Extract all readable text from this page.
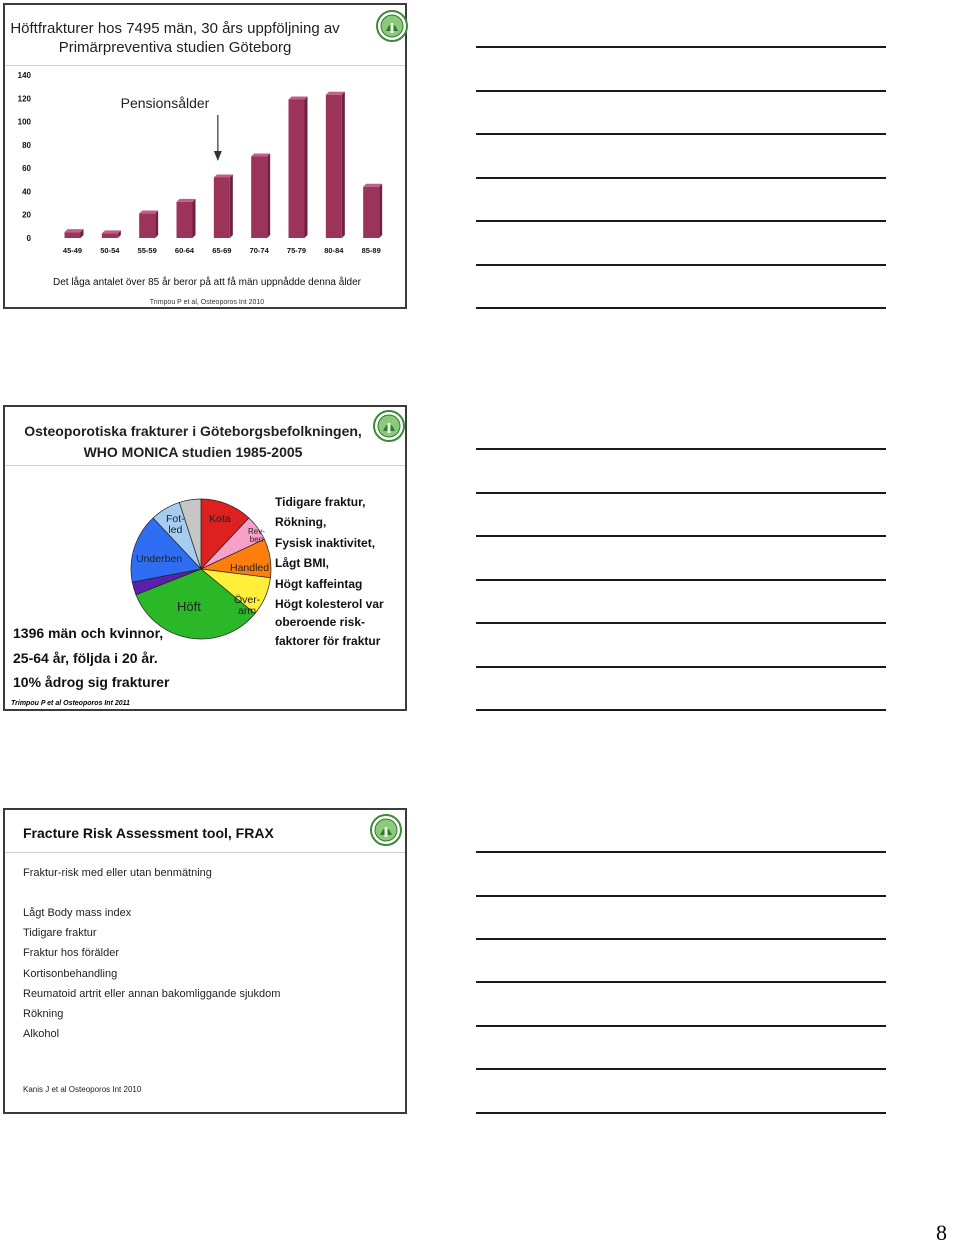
Höftfrakturer hos 7495 män, 30 års uppföljning av
Primärpreventiva studien Göteborg
0
20
40
60
80
100
120
140
45-49 50-54 55-59 60-64 65-69 70-74 75-79 80-84 85-89
Pensionsålder
Det låga antalet över 85 år beror på att få män uppnådde denna ålder
Trimpou P et al, Osteoporos Int 2010
Osteoporotiska frakturer i Göteborgsbefolkningen,
WHO MONICA studien 1985-2005
Kota
Rev-
ben
Handled
Över-
arm
Höft
Underben
Fot-
led
Tidigare fraktur,
Rökning,
Fysisk inaktivitet,
Lågt BMI,
Högt kaffeintag
Högt kolesterol var
oberoende risk-
faktorer för fraktur
1396 män och kvinnor,
25-64 år, följda i 20 år.
10% ådrog sig frakturer
Trimpou P et al Osteoporos Int 2011
Fracture Risk Assessment tool, FRAX
Fraktur-risk med eller utan benmätning
Lågt Body mass index
Tidigare fraktur
Fraktur hos förälder
Kortisonbehandling
Reumatoid artrit eller annan bakomliggande sjukdom
Rökning
Alkohol
Kanis J et al Osteoporos Int 2010
8
